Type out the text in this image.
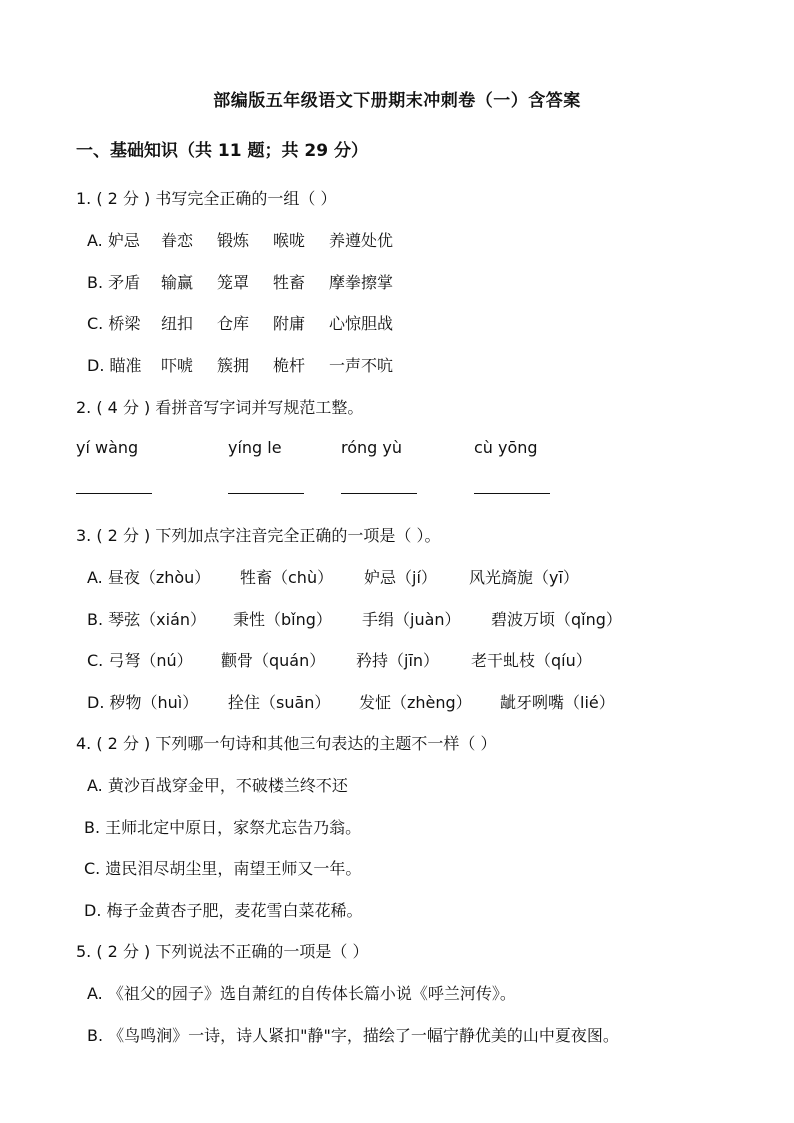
部编版五年级语文下册期末冲刺卷（一）含答案
一、基础知识（共 11 题；共 29 分）
1. ( 2 分 ) 书写完全正确的一组（ ）
A. 妒忌 眷恋 锻炼 喉咙 养遵处优
B. 矛盾 输赢 笼罩 牲畜 摩拳擦掌
C. 桥梁 纽扣 仓库 附庸 心惊胆战
D. 瞄准 吓唬 簇拥 桅杆 一声不吭
2. ( 4 分 ) 看拼音写字词并写规范工整。
yí wàng	yíng le	róng yù	cù yōng
3. ( 2 分 ) 下列加点字注音完全正确的一项是（ ）。
A. 昼夜（zhòu） 牲畜（chù） 妒忌（jí） 风光旖旎（yī）
B. 琴弦（xián） 秉性（bǐng） 手绢（juàn） 碧波万顷（qǐng）
C. 弓弩（nú） 颧骨（quán） 矜持（jīn） 老干虬枝（qíu）
D. 秽物（huì） 拴住（suān） 发怔（zhèng） 龇牙咧嘴（lié）
4. ( 2 分 ) 下列哪一句诗和其他三句表达的主题不一样（ ）
A. 黄沙百战穿金甲，不破楼兰终不还
B. 王师北定中原日，家祭尤忘告乃翁。
C. 遗民泪尽胡尘里，南望王师又一年。
D. 梅子金黄杏子肥，麦花雪白菜花稀。
5. ( 2 分 ) 下列说法不正确的一项是（ ）
A. 《祖父的园子》选自萧红的自传体长篇小说《呼兰河传》。
B. 《鸟鸣涧》一诗，诗人紧扣"静"字，描绘了一幅宁静优美的山中夏夜图。
